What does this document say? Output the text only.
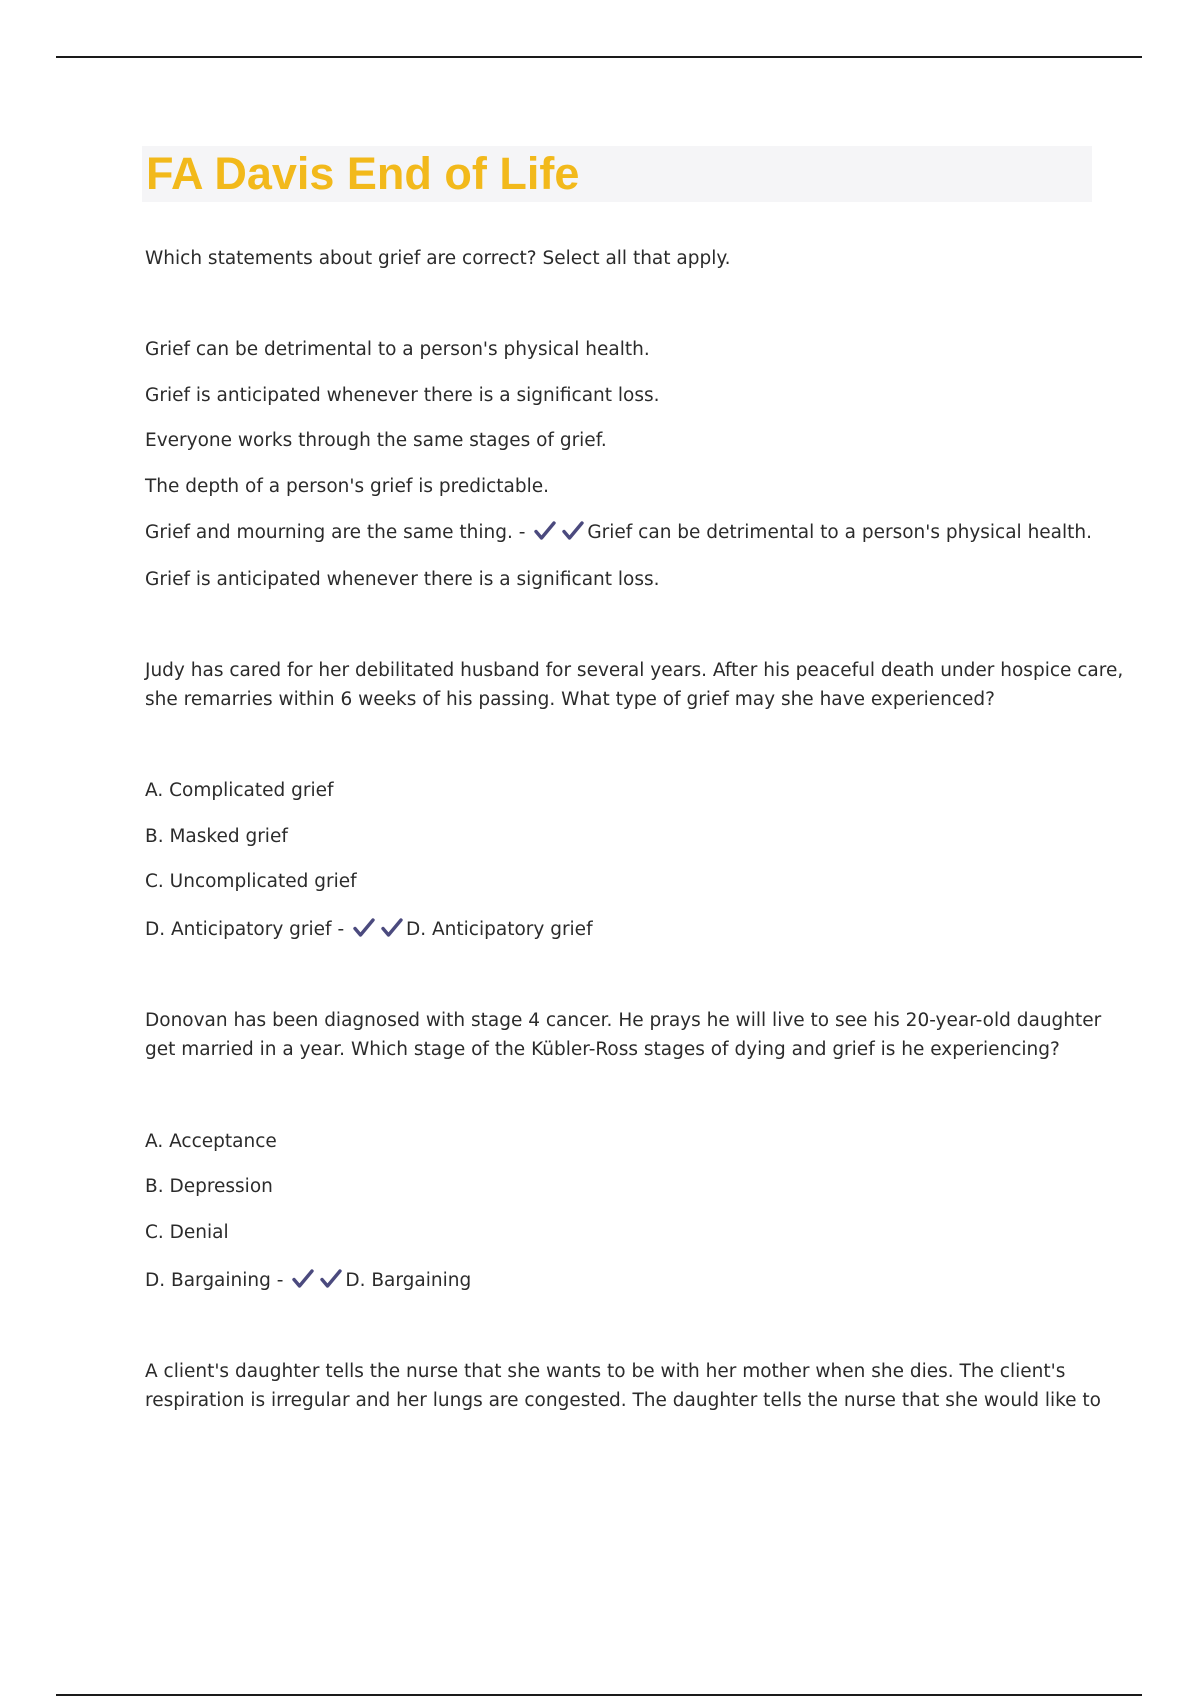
FA Davis End of Life
Which statements about grief are correct? Select all that apply.
Grief can be detrimental to a person's physical health.
Grief is anticipated whenever there is a significant loss.
Everyone works through the same stages of grief.
The depth of a person's grief is predictable.
Grief and mourning are the same thing. -	Grief can be detrimental to a person's physical health.
Grief is anticipated whenever there is a significant loss.
Judy has cared for her debilitated husband for several years. After his peaceful death under hospice care,
she remarries within 6 weeks of his passing. What type of grief may she have experienced?
A. Complicated grief
B. Masked grief
C. Uncomplicated grief
D. Anticipatory grief -	D. Anticipatory grief
Donovan has been diagnosed with stage 4 cancer. He prays he will live to see his 20-year-old daughter
get married in a year. Which stage of the Kübler-Ross stages of dying and grief is he experiencing?
A. Acceptance
B. Depression
C. Denial
D. Bargaining -	D. Bargaining
A client's daughter tells the nurse that she wants to be with her mother when she dies. The client's
respiration is irregular and her lungs are congested. The daughter tells the nurse that she would like to
